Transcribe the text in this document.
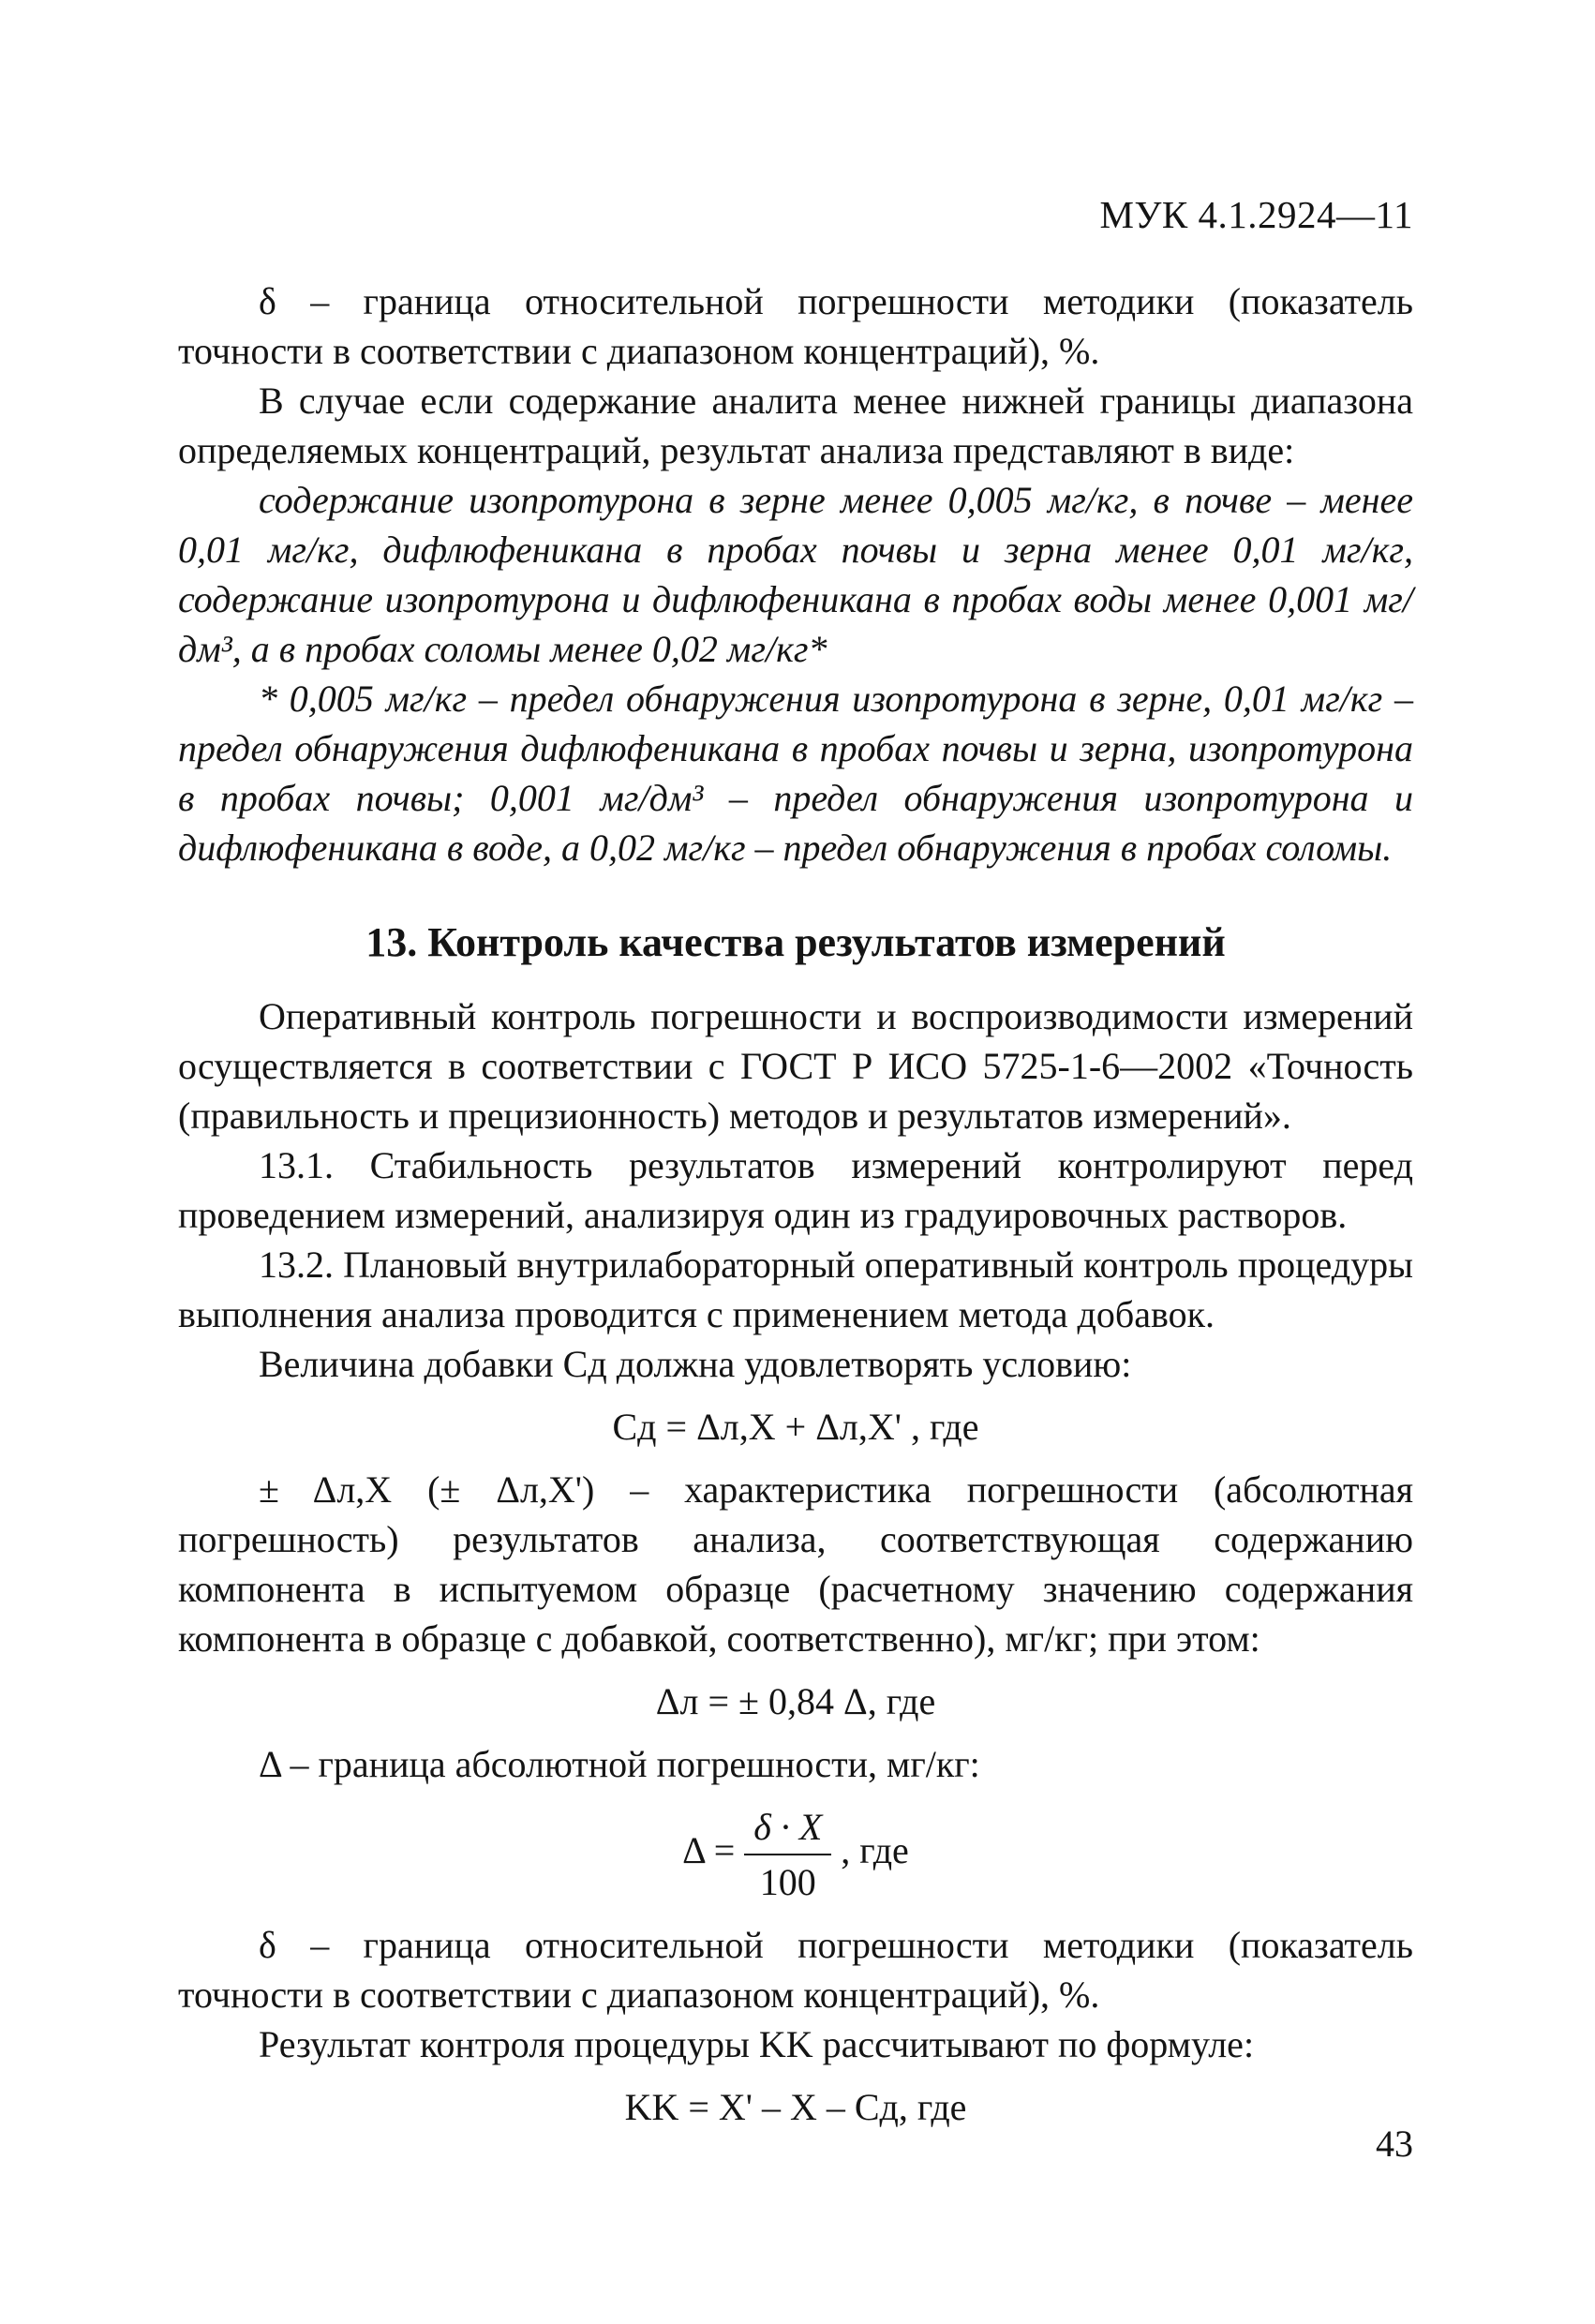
МУК 4.1.2924—11

δ – граница относительной погрешности методики (показатель точности в соответствии с диапазоном концентраций), %.

В случае если содержание аналита менее нижней границы диапазона определяемых концентраций, результат анализа представляют в виде:

содержание изопротурона в зерне менее 0,005 мг/кг, в почве – менее 0,01 мг/кг, дифлюфеникана в пробах почвы и зерна менее 0,01 мг/кг, содержание изопротурона и дифлюфеникана в пробах воды менее 0,001 мг/дм³, а в пробах соломы менее 0,02 мг/кг*

* 0,005 мг/кг – предел обнаружения изопротурона в зерне, 0,01 мг/кг – предел обнаружения дифлюфеникана в пробах почвы и зерна, изопротурона в пробах почвы; 0,001 мг/дм³ – предел обнаружения изопротурона и дифлюфеникана в воде, а 0,02 мг/кг – предел обнаружения в пробах соломы.

13. Контроль качества результатов измерений

Оперативный контроль погрешности и воспроизводимости измерений осуществляется в соответствии с ГОСТ Р ИСО 5725-1-6—2002 «Точность (правильность и прецизионность) методов и результатов измерений».

13.1. Стабильность результатов измерений контролируют перед проведением измерений, анализируя один из градуировочных растворов.

13.2. Плановый внутрилабораторный оперативный контроль процедуры выполнения анализа проводится с применением метода добавок.

Величина добавки Cд должна удовлетворять условию:

Cд = Δл,X + Δл,X' , где

± Δл,X (± Δл,X') – характеристика погрешности (абсолютная погрешность) результатов анализа, соответствующая содержанию компонента в испытуемом образце (расчетному значению содержания компонента в образце с добавкой, соответственно), мг/кг; при этом:

Δл = ± 0,84 Δ, где

Δ – граница абсолютной погрешности, мг/кг:

$\Delta = \frac{\delta \cdot X}{100}$ , где

δ – граница относительной погрешности методики (показатель точности в соответствии с диапазоном концентраций), %.

Результат контроля процедуры KK рассчитывают по формуле:

KK = X' – X – Cд, где
43
